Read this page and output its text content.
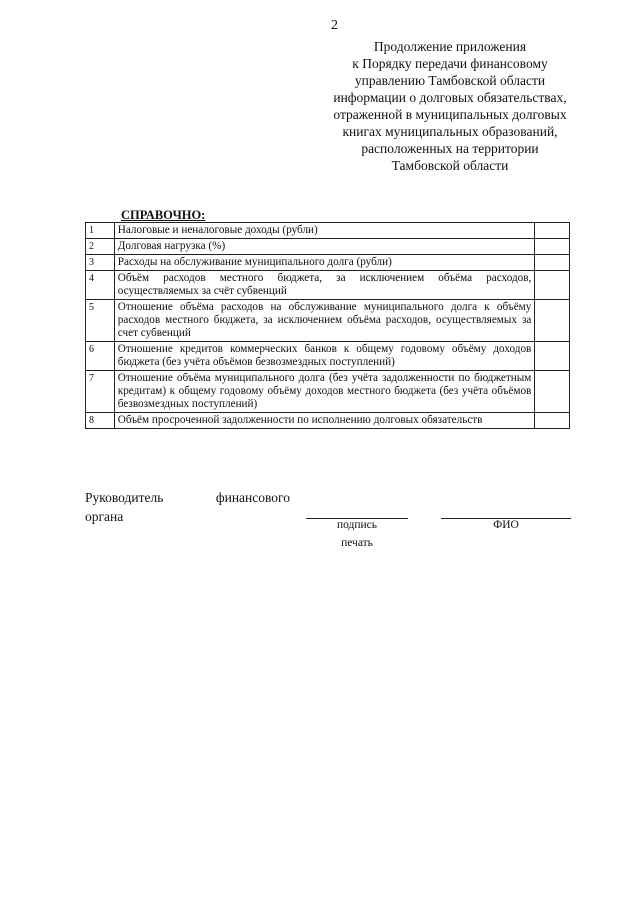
2
Продолжение приложения
к Порядку передачи финансовому
управлению Тамбовской области
информации о долговых обязательствах,
отраженной в муниципальных долговых
книгах муниципальных образований,
расположенных на территории
Тамбовской области
СПРАВОЧНО:
1	Налоговые и неналоговые доходы (рубли)	
2	Долговая нагрузка (%)	
3	Расходы на обслуживание муниципального долга (рубли)	
4	Объём расходов местного бюджета, за исключением объёма расходов, осуществляемых за счёт субвенций	
5	Отношение объёма расходов на обслуживание муниципального долга к объёму расходов местного бюджета, за исключением объёма расходов, осуществляемых за счет субвенций	
6	Отношение кредитов коммерческих банков к общему годовому объёму доходов бюджета (без учёта объёмов безвозмездных поступлений)	
7	Отношение объёма муниципального долга (без учёта задолженности по бюджетным кредитам) к общему годовому объёму доходов местного бюджета (без учёта объёмов безвозмездных поступлений)	
8	Объём просроченной задолженности по исполнению долговых обязательств	
Руководитель	финансового
органа
подпись
печать
ФИО
